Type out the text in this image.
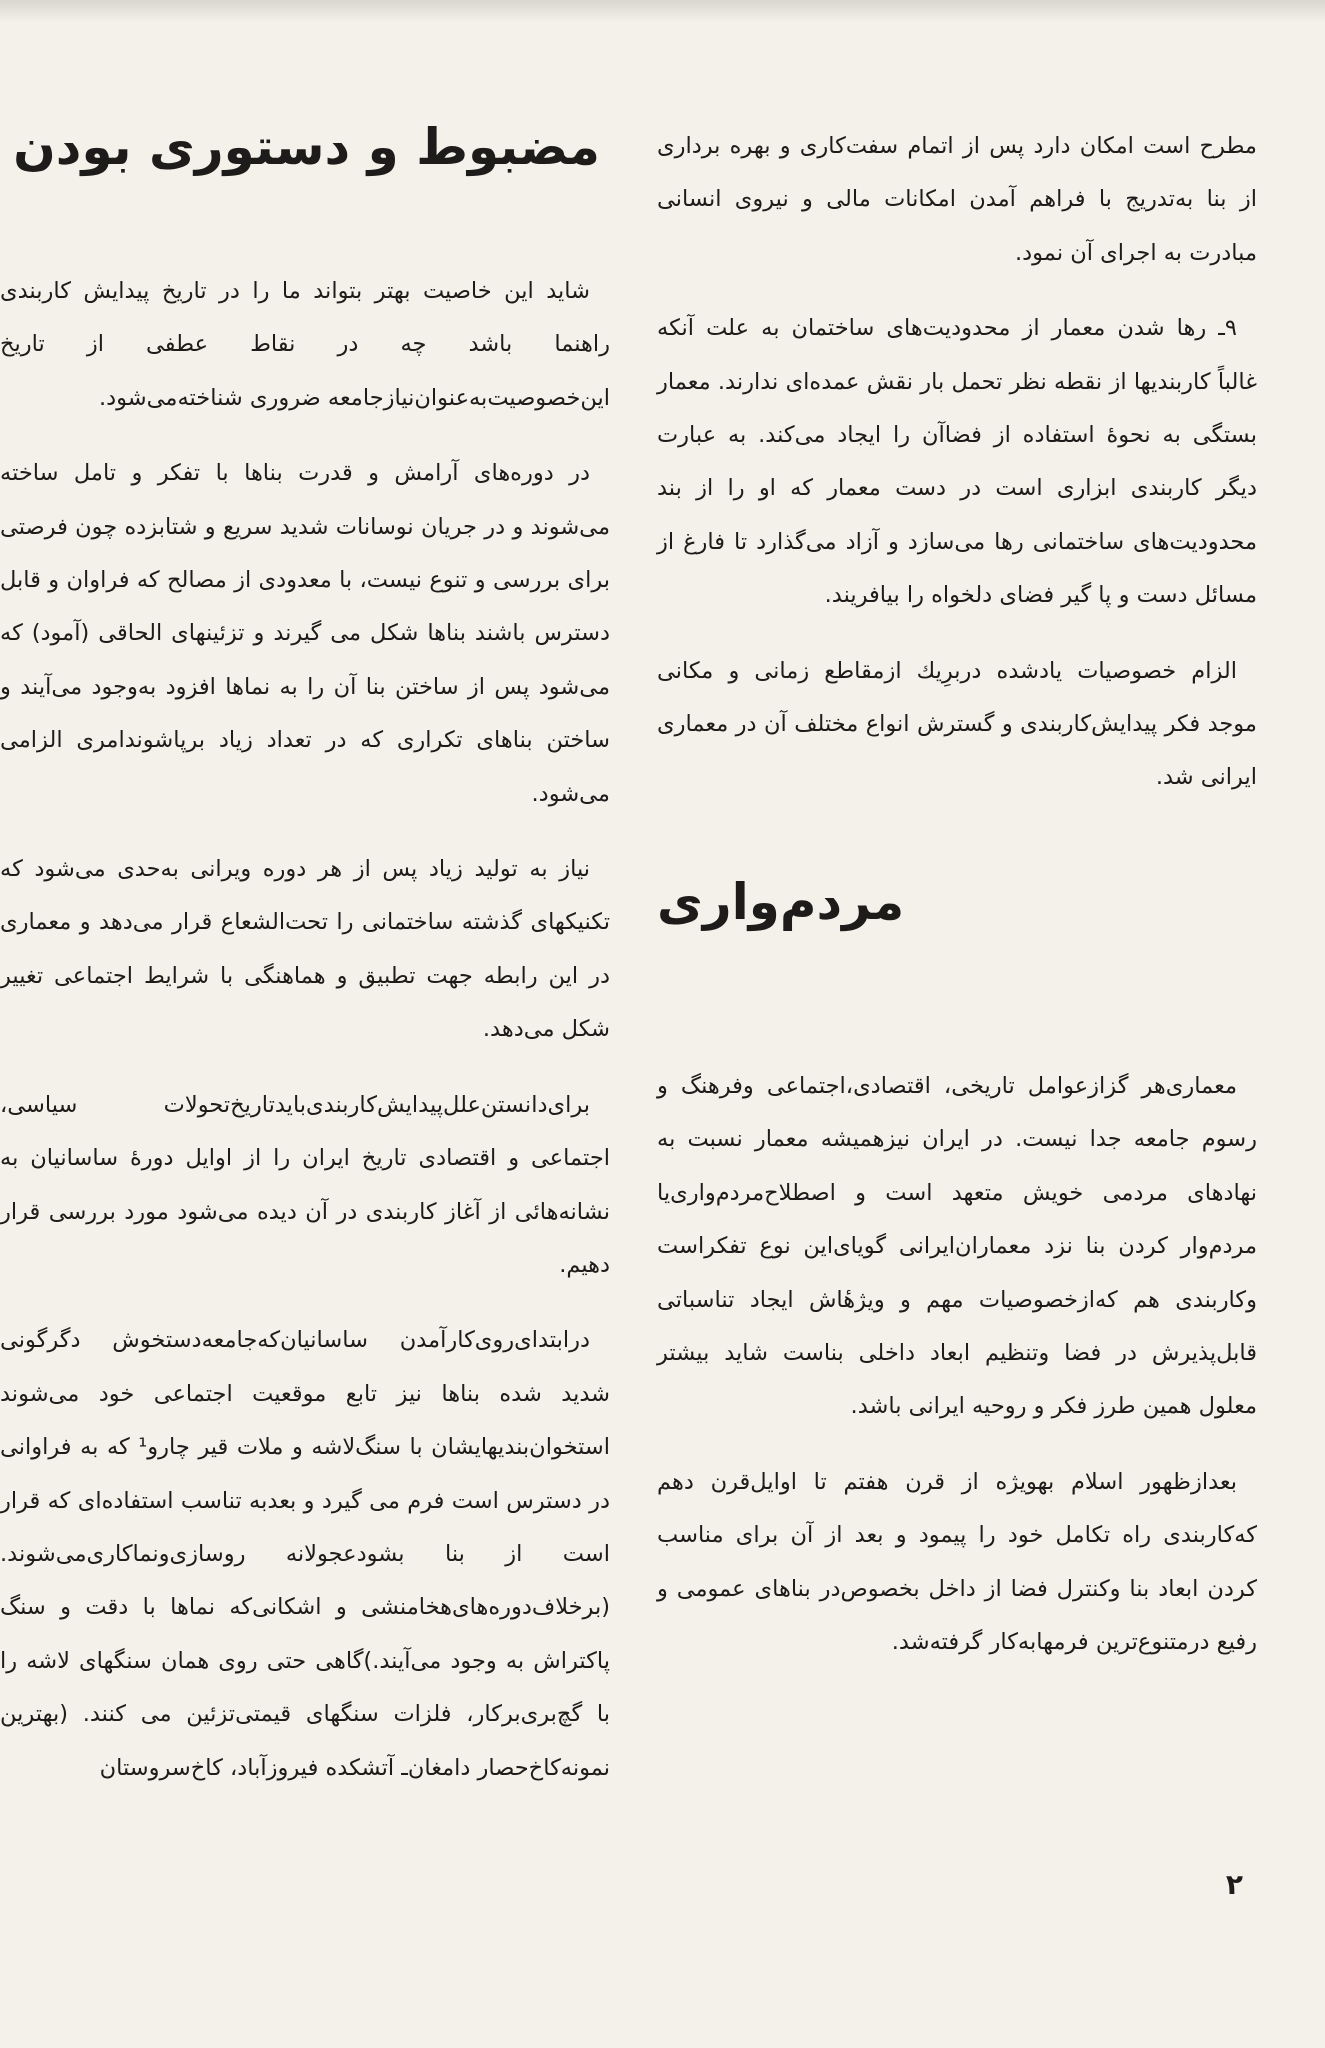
مطرح است امکان دارد پس از اتمام سفت‌کاری و بهره برداری از بنا به‌تدریج با فراهم آمدن امکانات مالی و نیروی انسانی مبادرت به اجرای آن نمود.

۹ـ رها شدن معمار از محدودیت‌های ساختمان به علت آنکه غالباً کاربندیها از نقطه نظر تحمل بار نقش عمده‌ای ندارند. معمار بستگی به نحوهٔ استفاده از فضاآن را ایجاد می‌کند. به عبارت دیگر کاربندی ابزاری است در دست معمار که او را از بند محدودیت‌های ساختمانی رها می‌سازد و آزاد می‌گذارد تا فارغ از مسائل دست و پا گیر فضای دلخواه را بیافریند.

الزام خصوصیات یادشده دربرِیك ازمقاطع زمانی و مکانی موجد فکر پیدایش‌کاربندی و گسترش انواع مختلف آن در معماری ایرانی شد.

مردم‌واری

معماری‌هر گزازعوامل تاریخی، اقتصادی،اجتماعی وفرهنگ و رسوم جامعه جدا نیست. در ایران نیزهمیشه معمار نسبت به نهادهای مردمی خویش متعهد است و اصطلاح‌مردم‌واری‌یا مردم‌وار کردن بنا نزد معماران‌ایرانی گویای‌این نوع تفکراست وکاربندی هم که‌ازخصوصیات مهم و ویژهٔاش ایجاد تناسباتی قابل‌پذیرش در فضا وتنظیم ابعاد داخلی بناست شاید بیشتر معلول همین طرز فکر و روحیه ایرانی باشد.

بعدازظهور اسلام بهویژه از قرن هفتم تا اوایل‌قرن دهم که‌کاربندی راه تکامل خود را پیمود و بعد از آن برای مناسب کردن ابعاد بنا وکنترل فضا از داخل بخصوص‌در بناهای عمومی و رفیع درمتنوع‌ترین فرمهابه‌کار گرفته‌شد.

مضبوط و دستوری بودن

شاید این خاصیت بهتر بتواند ما را در تاریخ پیدایش کاربندی راهنما باشد چه در نقاط عطفی از تاریخ این‌خصوصیت‌به‌عنوان‌نیازجامعه ضروری شناخته‌می‌شود.

در دوره‌های آرامش و قدرت بناها با تفکر و تامل ساخته می‌شوند و در جریان نوسانات شدید سریع و شتابزده چون فرصتی برای بررسی و تنوع نیست، با معدودی از مصالح که فراوان و قابل دسترس باشند بناها شکل می گیرند و تزئینهای الحاقی (آمود) که می‌شود پس از ساختن بنا آن را به نماها افزود به‌وجود می‌آیند و ساختن بناهای تکراری که در تعداد زیاد برپاشوندامری الزامی می‌شود.

نیاز به تولید زیاد پس از هر دوره ویرانی به‌حدی می‌شود که تکنیکهای گذشته ساختمانی را تحت‌الشعاع قرار می‌دهد و معماری در این رابطه جهت تطبیق و هماهنگی با شرایط اجتماعی تغییر شکل می‌دهد.

برای‌دانستن‌علل‌پیدایش‌کاربندی‌باید‌تاریخ‌تحولات سیاسی، اجتماعی و اقتصادی تاریخ ایران را از اوایل دورهٔ ساسانیان‌ به نشانه‌هائی از آغاز کاربندی در آن دیده می‌شود مورد بررسی قرار دهیم.

درابتدای‌روی‌کار‌آمدن ساسانیان‌که‌جامعه‌دستخوش دگرگونی شدید شده بناها نیز تابع موقعیت اجتماعی خود می‌شوند استخوان‌بندیهایشان با سنگ‌لاشه و ملات قیر چارو¹ که به فراوانی در دسترس است فرم می گیرد و بعدبه تناسب استفاده‌ای که قرار است از بنا بشودعجولانه روسازی‌ونماکاری‌می‌شوند. (برخلاف‌دوره‌های‌هخامنشی و اشکانی‌که نماها با دقت و سنگ پاکتراش به وجود می‌آیند.)گاهی حتی روی همان سنگهای لاشه را با گچ‌بری‌برکار، فلزات سنگهای قیمتی‌تزئین می کنند. (بهترین نمونه‌کاخ‌حصار دامغان‌ـ آتشکده فیروزآباد، کاخ‌سروستان

۲
